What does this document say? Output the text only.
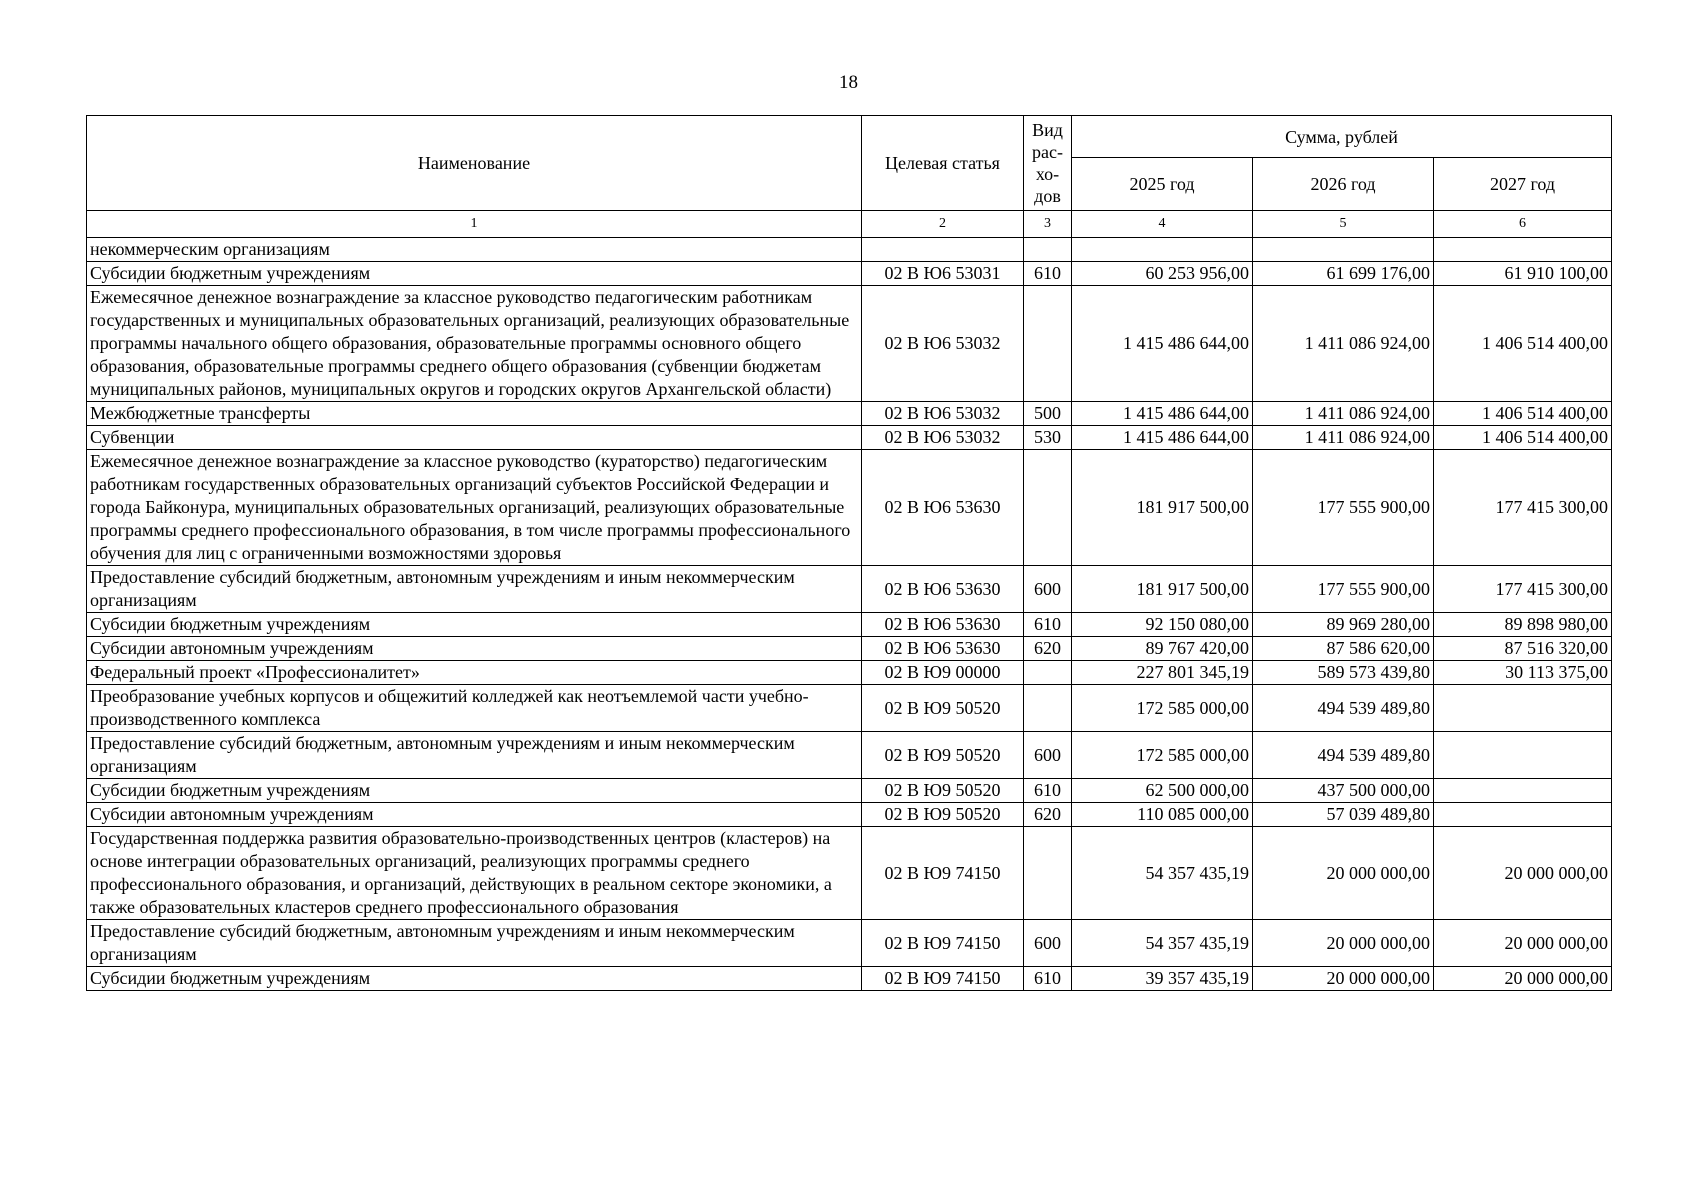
18
Наименование	Целевая статья	Вид рас-хо-дов	Сумма, рублей		
			2025 год	2026 год	2027 год
1	2	3	4	5	6
некоммерческим организациям					
Субсидии бюджетным учреждениям	02 В Ю6 53031	610	60 253 956,00	61 699 176,00	61 910 100,00
Ежемесячное денежное вознаграждение за классное руководство педагогическим работникам государственных и муниципальных образовательных организаций, реализующих образовательные программы начального общего образования, образовательные программы основного общего образования, образовательные программы среднего общего образования (субвенции бюджетам муниципальных районов, муниципальных округов и городских округов Архангельской области)	02 В Ю6 53032		1 415 486 644,00	1 411 086 924,00	1 406 514 400,00
Межбюджетные трансферты	02 В Ю6 53032	500	1 415 486 644,00	1 411 086 924,00	1 406 514 400,00
Субвенции	02 В Ю6 53032	530	1 415 486 644,00	1 411 086 924,00	1 406 514 400,00
Ежемесячное денежное вознаграждение за классное руководство (кураторство) педагогическим работникам государственных образовательных организаций субъектов Российской Федерации и города Байконура, муниципальных образовательных организаций, реализующих образовательные программы среднего профессионального образования, в том числе программы профессионального обучения для лиц с ограниченными возможностями здоровья	02 В Ю6 53630		181 917 500,00	177 555 900,00	177 415 300,00
Предоставление субсидий бюджетным, автономным учреждениям и иным некоммерческим организациям	02 В Ю6 53630	600	181 917 500,00	177 555 900,00	177 415 300,00
Субсидии бюджетным учреждениям	02 В Ю6 53630	610	92 150 080,00	89 969 280,00	89 898 980,00
Субсидии автономным учреждениям	02 В Ю6 53630	620	89 767 420,00	87 586 620,00	87 516 320,00
Федеральный проект «Профессионалитет»	02 В Ю9 00000		227 801 345,19	589 573 439,80	30 113 375,00
Преобразование учебных корпусов и общежитий колледжей как неотъемлемой части учебно-производственного комплекса	02 В Ю9 50520		172 585 000,00	494 539 489,80	
Предоставление субсидий бюджетным, автономным учреждениям и иным некоммерческим организациям	02 В Ю9 50520	600	172 585 000,00	494 539 489,80	
Субсидии бюджетным учреждениям	02 В Ю9 50520	610	62 500 000,00	437 500 000,00	
Субсидии автономным учреждениям	02 В Ю9 50520	620	110 085 000,00	57 039 489,80	
Государственная поддержка развития образовательно-производственных центров (кластеров) на основе интеграции образовательных организаций, реализующих программы среднего профессионального образования, и организаций, действующих в реальном секторе экономики, а также образовательных кластеров среднего профессионального образования	02 В Ю9 74150		54 357 435,19	20 000 000,00	20 000 000,00
Предоставление субсидий бюджетным, автономным учреждениям и иным некоммерческим организациям	02 В Ю9 74150	600	54 357 435,19	20 000 000,00	20 000 000,00
Субсидии бюджетным учреждениям	02 В Ю9 74150	610	39 357 435,19	20 000 000,00	20 000 000,00
